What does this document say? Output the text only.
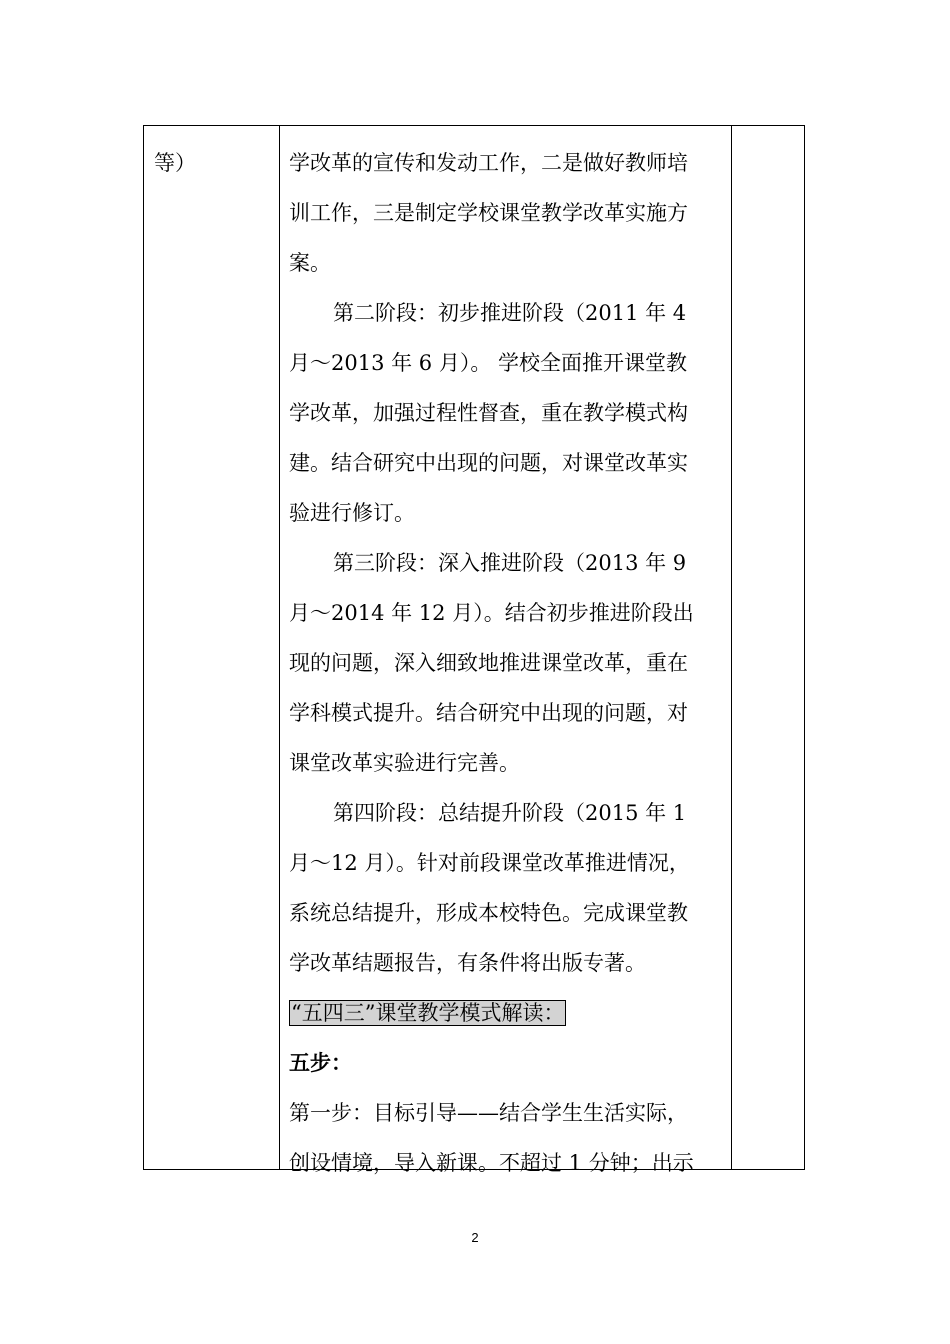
等）	学改革的宣传和发动工作，二是做好教师培
训工作，三是制定学校课堂教学改革实施方
案。
第二阶段：初步推进阶段（2011 年 4
月～2013 年 6 月）。 学校全面推开课堂教
学改革，加强过程性督查，重在教学模式构
建。结合研究中出现的问题，对课堂改革实
验进行修订。
第三阶段：深入推进阶段（2013 年 9
月～2014 年 12 月）。结合初步推进阶段出
现的问题，深入细致地推进课堂改革，重在
学科模式提升。结合研究中出现的问题，对
课堂改革实验进行完善。
第四阶段：总结提升阶段（2015 年 1
月～12 月）。针对前段课堂改革推进情况，
系统总结提升，形成本校特色。完成课堂教
学改革结题报告，有条件将出版专著。
“五四三”课堂教学模式解读：
五步：
第一步：目标引导——结合学生生活实际，
创设情境，导入新课。不超过 1 分钟；出示
2
